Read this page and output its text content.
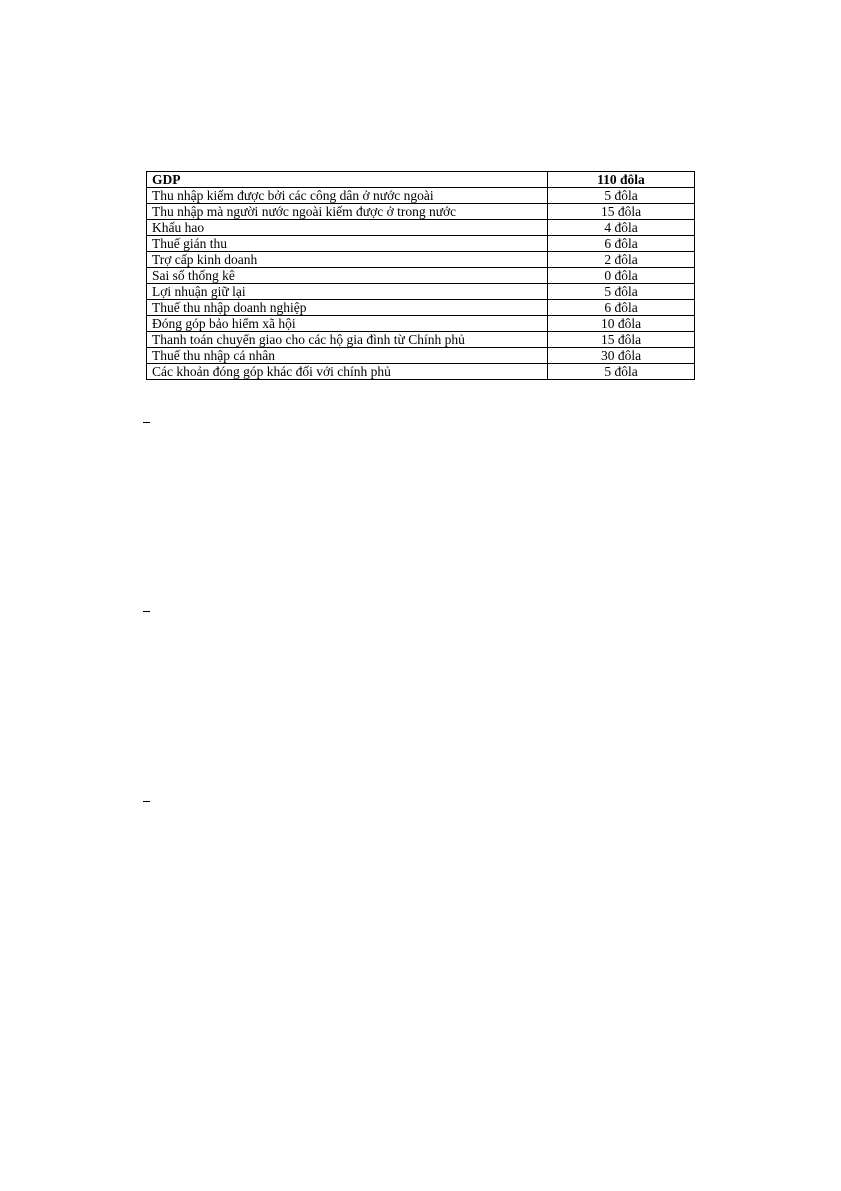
GDP	110 đôla
Thu nhập kiếm được bởi các công dân ở nước ngoài	5 đôla
Thu nhập mà người nước ngoài kiếm được ở trong nước	15 đôla
Khấu hao	4 đôla
Thuế gián thu	6 đôla
Trợ cấp kinh doanh	2 đôla
Sai số thống kê	0 đôla
Lợi nhuận giữ lại	5 đôla
Thuế thu nhập doanh nghiệp	6 đôla
Đóng góp bảo hiểm xã hội	10 đôla
Thanh toán chuyển giao cho các hộ gia đình từ Chính phủ	15 đôla
Thuế thu nhập cá nhân	30 đôla
Các khoản đóng góp khác đối với chính phủ	5 đôla
